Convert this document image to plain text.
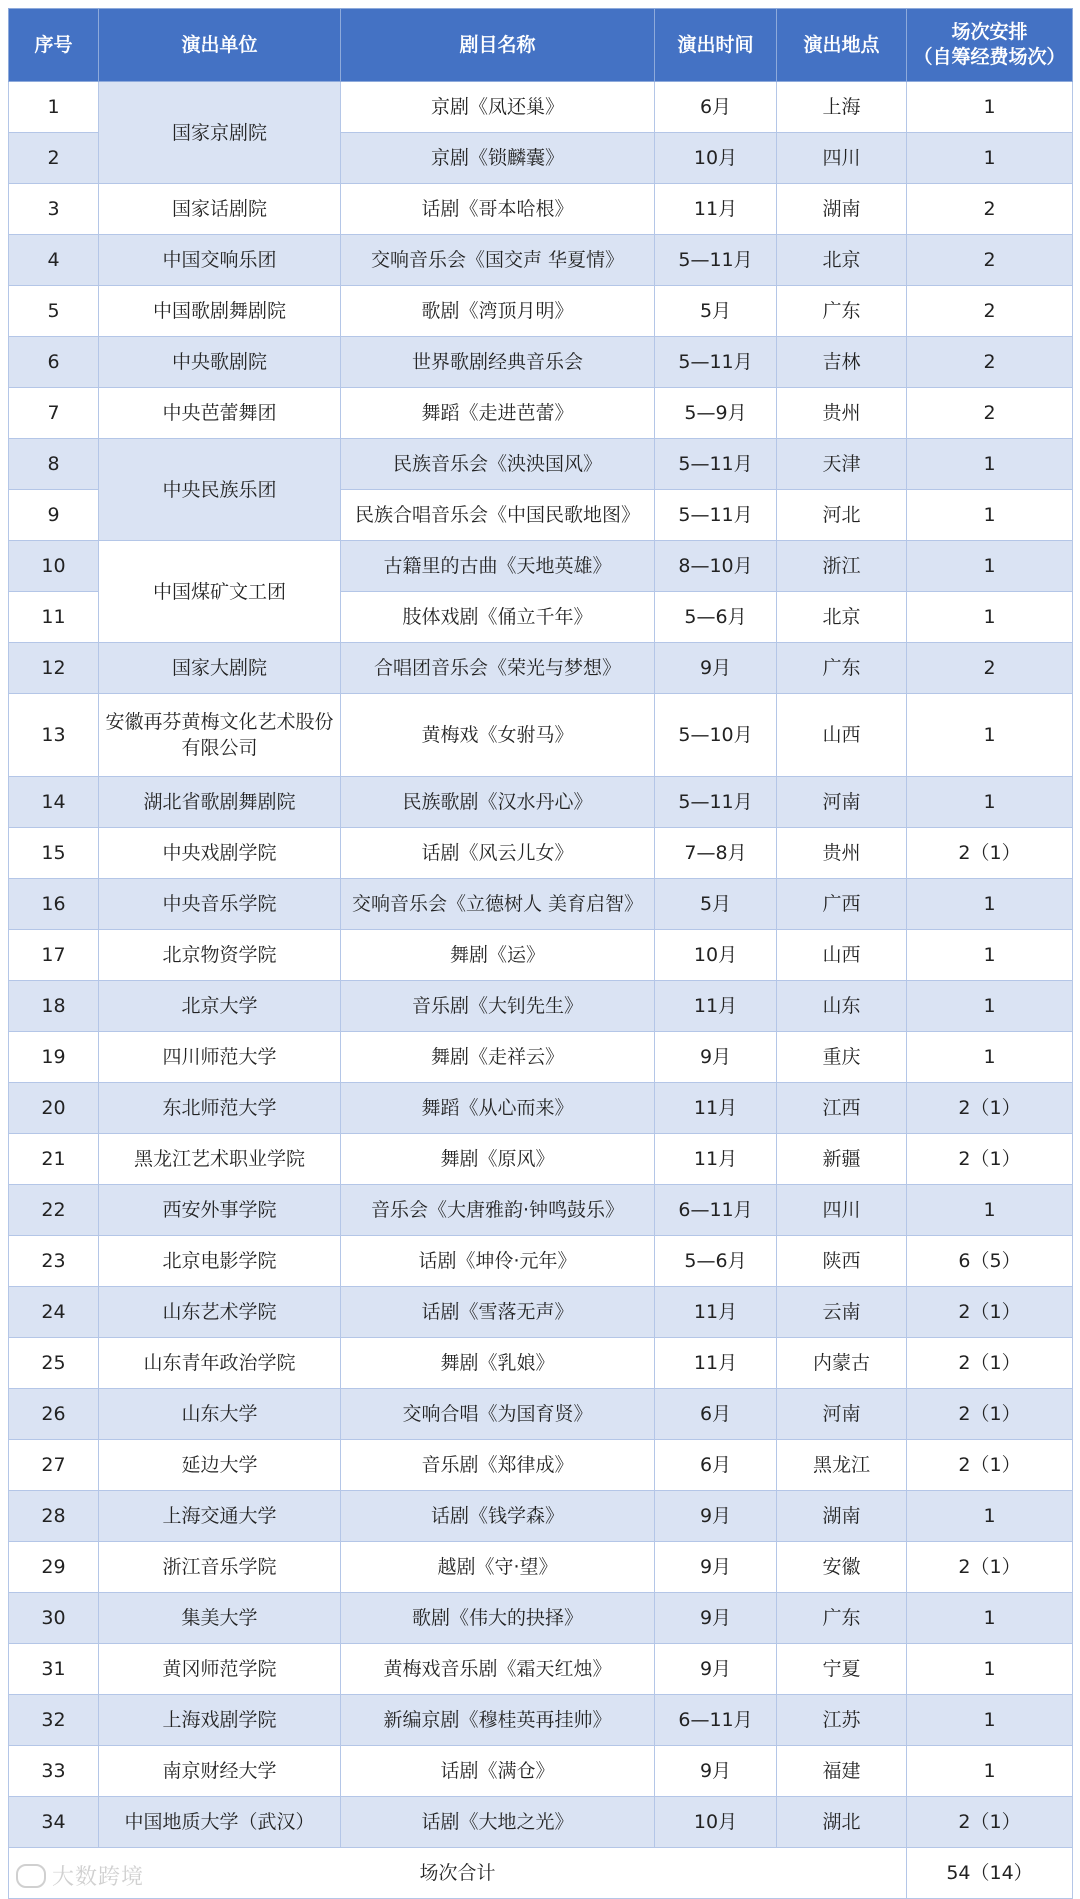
序号	演出单位	剧目名称	演出时间	演出地点	场次安排
（自筹经费场次）
1	国家京剧院	京剧《凤还巢》	6月	上海	1
2		京剧《锁麟囊》	10月	四川	1
3	国家话剧院	话剧《哥本哈根》	11月	湖南	2
4	中国交响乐团	交响音乐会《国交声 华夏情》	5—11月	北京	2
5	中国歌剧舞剧院	歌剧《湾顶月明》	5月	广东	2
6	中央歌剧院	世界歌剧经典音乐会	5—11月	吉林	2
7	中央芭蕾舞团	舞蹈《走进芭蕾》	5—9月	贵州	2
8	中央民族乐团	民族音乐会《泱泱国风》	5—11月	天津	1
9		民族合唱音乐会《中国民歌地图》	5—11月	河北	1
10	中国煤矿文工团	古籍里的古曲《天地英雄》	8—10月	浙江	1
11		肢体戏剧《俑立千年》	5—6月	北京	1
12	国家大剧院	合唱团音乐会《荣光与梦想》	9月	广东	2
13	安徽再芬黄梅文化艺术股份有限公司	黄梅戏《女驸马》	5—10月	山西	1
14	湖北省歌剧舞剧院	民族歌剧《汉水丹心》	5—11月	河南	1
15	中央戏剧学院	话剧《风云儿女》	7—8月	贵州	2（1）
16	中央音乐学院	交响音乐会《立德树人 美育启智》	5月	广西	1
17	北京物资学院	舞剧《运》	10月	山西	1
18	北京大学	音乐剧《大钊先生》	11月	山东	1
19	四川师范大学	舞剧《走祥云》	9月	重庆	1
20	东北师范大学	舞蹈《从心而来》	11月	江西	2（1）
21	黑龙江艺术职业学院	舞剧《原风》	11月	新疆	2（1）
22	西安外事学院	音乐会《大唐雅韵·钟鸣鼓乐》	6—11月	四川	1
23	北京电影学院	话剧《坤伶·元年》	5—6月	陕西	6（5）
24	山东艺术学院	话剧《雪落无声》	11月	云南	2（1）
25	山东青年政治学院	舞剧《乳娘》	11月	内蒙古	2（1）
26	山东大学	交响合唱《为国育贤》	6月	河南	2（1）
27	延边大学	音乐剧《郑律成》	6月	黑龙江	2（1）
28	上海交通大学	话剧《钱学森》	9月	湖南	1
29	浙江音乐学院	越剧《守·望》	9月	安徽	2（1）
30	集美大学	歌剧《伟大的抉择》	9月	广东	1
31	黄冈师范学院	黄梅戏音乐剧《霜天红烛》	9月	宁夏	1
32	上海戏剧学院	新编京剧《穆桂英再挂帅》	6—11月	江苏	1
33	南京财经大学	话剧《满仓》	9月	福建	1
34	中国地质大学（武汉）	话剧《大地之光》	10月	湖北	2（1）
场次合计					54（14）
大数跨境
